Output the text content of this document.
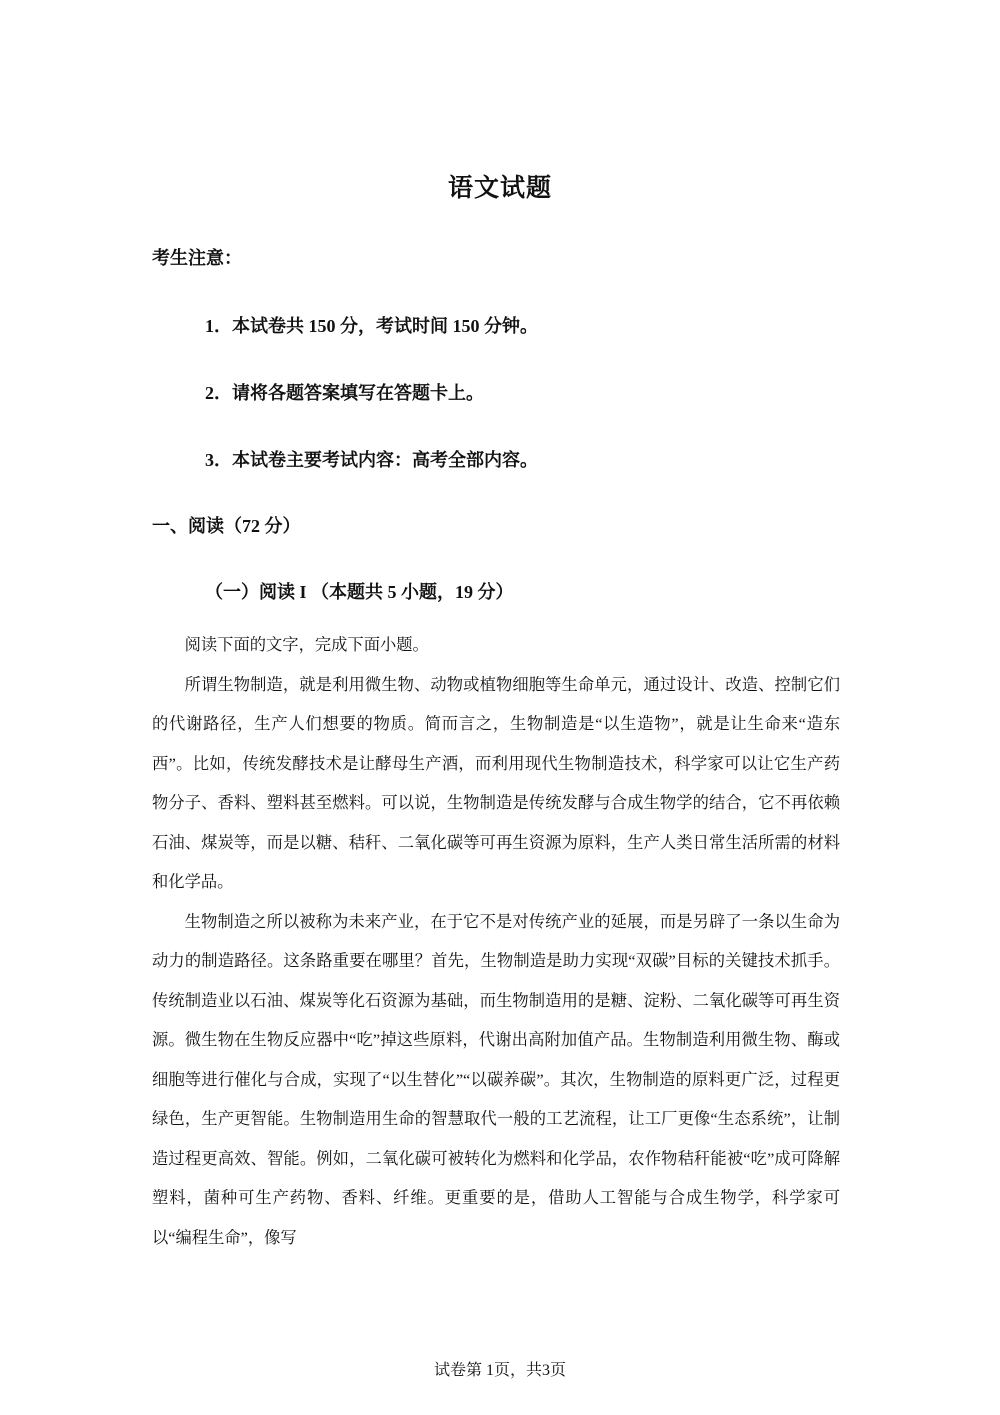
语文试题
考生注意：
1．本试卷共 150 分，考试时间 150 分钟。
2．请将各题答案填写在答题卡上。
3．本试卷主要考试内容：高考全部内容。
一、阅读（72 分）
（一）阅读 I （本题共 5 小题，19 分）

阅读下面的文字，完成下面小题。

所谓生物制造，就是利用微生物、动物或植物细胞等生命单元，通过设计、改造、控制它们的代谢路径，生产人们想要的物质。简而言之，生物制造是“以生造物”，就是让生命来“造东西”。比如，传统发酵技术是让酵母生产酒，而利用现代生物制造技术，科学家可以让它生产药物分子、香料、塑料甚至燃料。可以说，生物制造是传统发酵与合成生物学的结合，它不再依赖石油、煤炭等，而是以糖、秸秆、二氧化碳等可再生资源为原料，生产人类日常生活所需的材料和化学品。

生物制造之所以被称为未来产业，在于它不是对传统产业的延展，而是另辟了一条以生命为动力的制造路径。这条路重要在哪里？首先，生物制造是助力实现“双碳”目标的关键技术抓手。传统制造业以石油、煤炭等化石资源为基础，而生物制造用的是糖、淀粉、二氧化碳等可再生资源。微生物在生物反应器中“吃”掉这些原料，代谢出高附加值产品。生物制造利用微生物、酶或细胞等进行催化与合成，实现了“以生替化”“以碳养碳”。其次，生物制造的原料更广泛，过程更绿色，生产更智能。生物制造用生命的智慧取代一般的工艺流程，让工厂更像“生态系统”，让制造过程更高效、智能。例如，二氧化碳可被转化为燃料和化学品，农作物秸秆能被“吃”成可降解塑料，菌种可生产药物、香料、纤维。更重要的是，借助人工智能与合成生物学，科学家可以“编程生命”，像写

试卷第 1页，共3页
